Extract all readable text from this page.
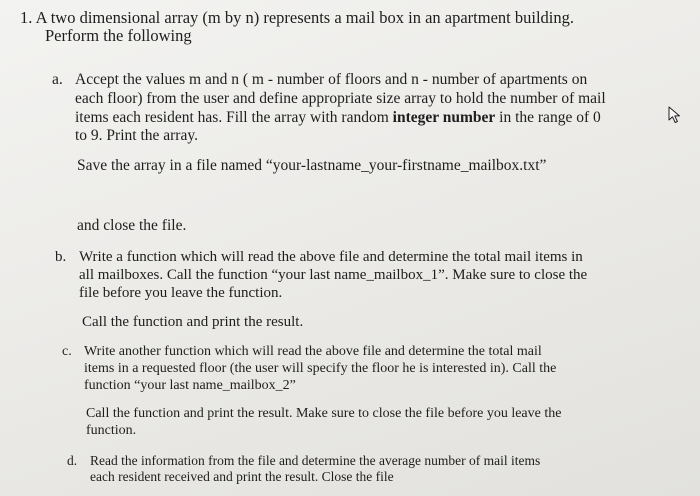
1. A two dimensional array (m by n) represents a mail box in an apartment building.
Perform the following
a. Accept the values m and n ( m - number of floors and n - number of apartments on
each floor) from the user and define appropriate size array to hold the number of mail
items each resident has. Fill the array with random integer number in the range of 0
to 9. Print the array.
Save the array in a file named “your-lastname_your-firstname_mailbox.txt”
and close the file.
b. Write a function which will read the above file and determine the total mail items in
all mailboxes. Call the function “your last name_mailbox_1”. Make sure to close the
file before you leave the function.
Call the function and print the result.
c. Write another function which will read the above file and determine the total mail
items in a requested floor (the user will specify the floor he is interested in). Call the
function “your last name_mailbox_2”
Call the function and print the result. Make sure to close the file before you leave the
function.
d. Read the information from the file and determine the average number of mail items
each resident received and print the result. Close the file
